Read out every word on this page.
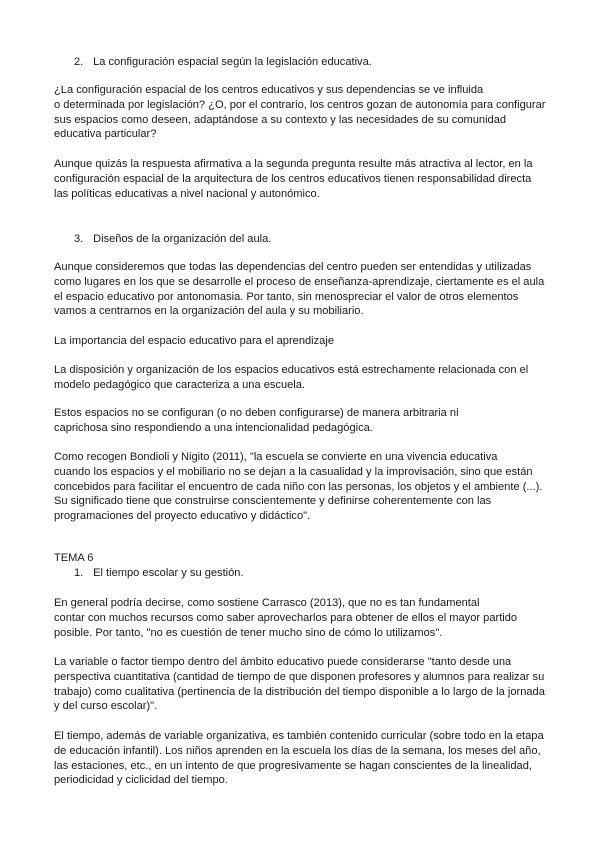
2. La configuración espacial según la legislación educativa.

¿La configuración espacial de los centros educativos y sus dependencias se ve influida
o determinada por legislación? ¿O, por el contrario, los centros gozan de autonomía para configurar
sus espacios como deseen, adaptándose a su contexto y las necesidades de su comunidad
educativa particular?

Aunque quizás la respuesta afirmativa a la segunda pregunta resulte más atractiva al lector, en la
configuración espacial de la arquitectura de los centros educativos tienen responsabilidad directa
las políticas educativas a nivel nacional y autonómico.

3. Diseños de la organización del aula.

Aunque consideremos que todas las dependencias del centro pueden ser entendidas y utilizadas
como lugares en los que se desarrolle el proceso de enseñanza-aprendizaje, ciertamente es el aula
el espacio educativo por antonomasia. Por tanto, sin menospreciar el valor de otros elementos
vamos a centrarnos en la organización del aula y su mobiliario.

La importancia del espacio educativo para el aprendizaje

La disposición y organización de los espacios educativos está estrechamente relacionada con el
modelo pedagógico que caracteriza a una escuela.

Estos espacios no se configuran (o no deben configurarse) de manera arbitraria ni
caprichosa sino respondiendo a una intencionalidad pedagógica.

Como recogen Bondioli y Nigito (2011), "la escuela se convierte en una vivencia educativa
cuando los espacios y el mobiliario no se dejan a la casualidad y la improvisación, sino que están
concebidos para facilitar el encuentro de cada niño con las personas, los objetos y el ambiente (...).
Su significado tiene que construirse conscientemente y definirse coherentemente con las
programaciones del proyecto educativo y didáctico".

TEMA 6

1. El tiempo escolar y su gestión.

En general podría decirse, como sostiene Carrasco (2013), que no es tan fundamental
contar con muchos recursos como saber aprovecharlos para obtener de ellos el mayor partido
posible. Por tanto, "no es cuestión de tener mucho sino de cómo lo utilizamos".

La variable o factor tiempo dentro del ámbito educativo puede considerarse "tanto desde una
perspectiva cuantitativa (cantidad de tiempo de que disponen profesores y alumnos para realizar su
trabajo) como cualitativa (pertinencia de la distribución del tiempo disponible a lo largo de la jornada
y del curso escolar)".

El tiempo, además de variable organizativa, es también contenido curricular (sobre todo en la etapa
de educación infantil). Los niños aprenden en la escuela los días de la semana, los meses del año,
las estaciones, etc., en un intento de que progresivamente se hagan conscientes de la linealidad,
periodicidad y ciclicidad del tiempo.
